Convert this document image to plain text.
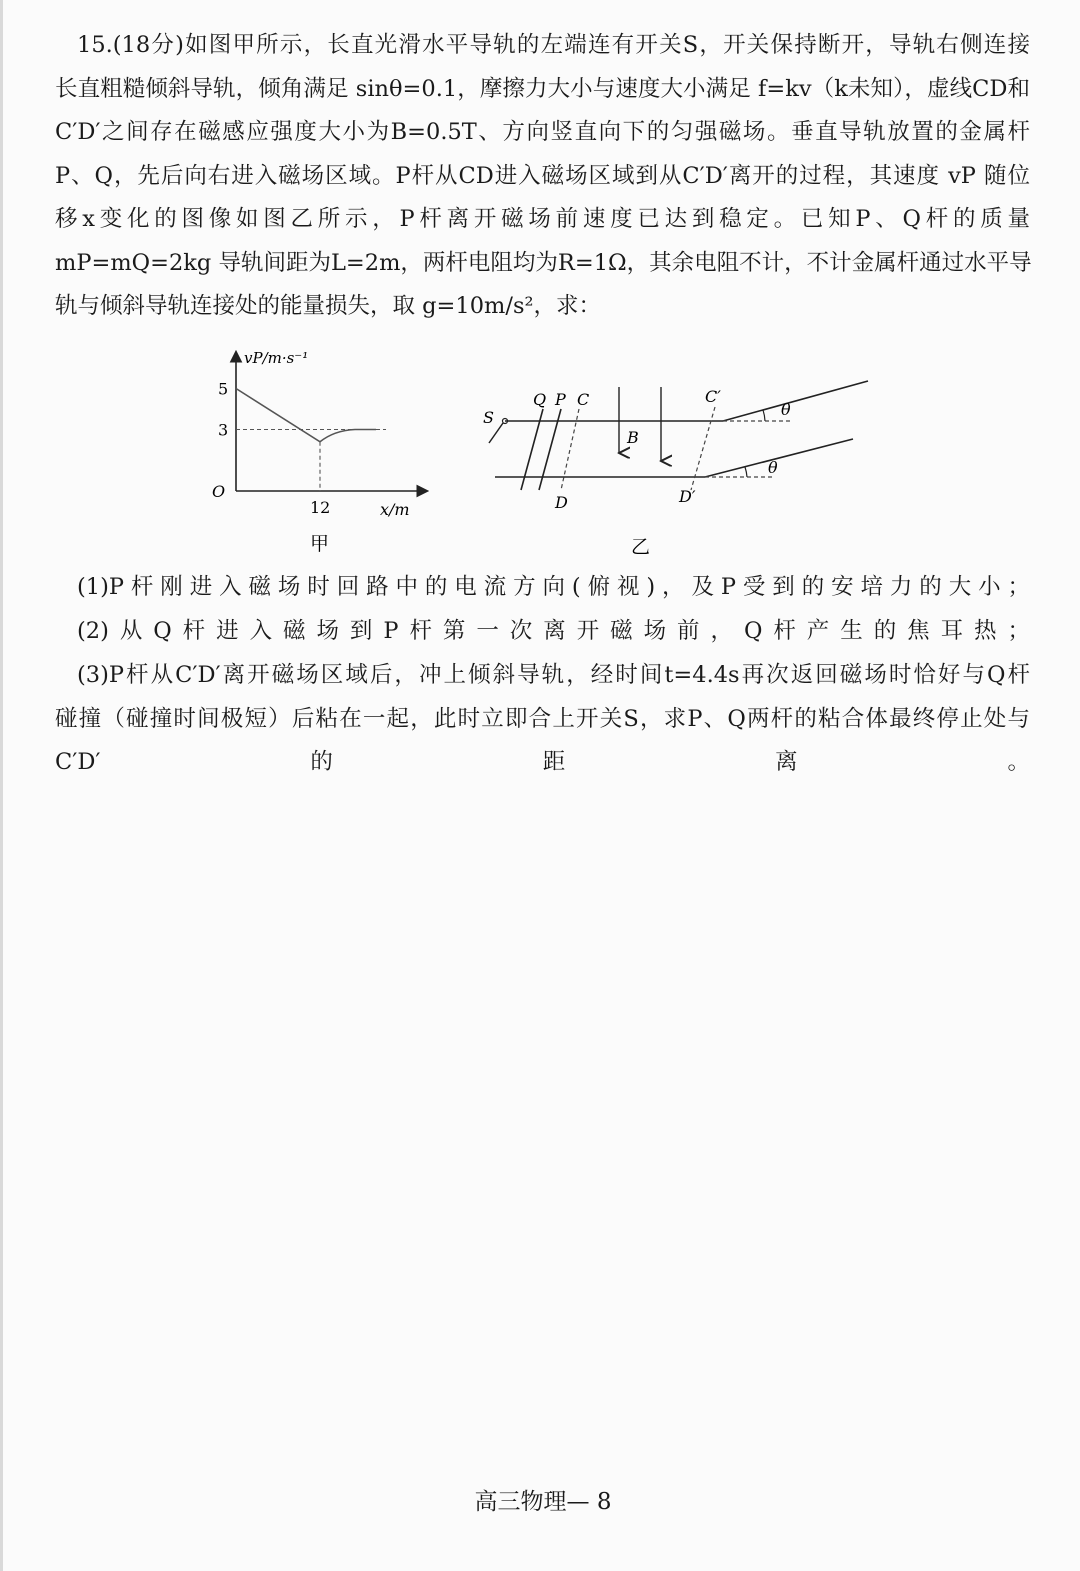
15.(18分)如图甲所示，长直光滑水平导轨的左端连有开关S，开关保持断开，导轨右侧连接
长直粗糙倾斜导轨，倾角满足 sinθ=0.1，摩擦力大小与速度大小满足 f=kv（k未知），虚线CD和
C′D′之间存在磁感应强度大小为B=0.5T、方向竖直向下的匀强磁场。垂直导轨放置的金属杆
P、Q，先后向右进入磁场区域。P杆从CD进入磁场区域到从C′D′离开的过程，其速度 vP 随位
移x变化的图像如图乙所示，P杆离开磁场前速度已达到稳定。已知P、Q杆的质量
mP=mQ=2kg 导轨间距为L=2m，两杆电阻均为R=1Ω，其余电阻不计，不计金属杆通过水平导
轨与倾斜导轨连接处的能量损失，取 g=10m/s²，求：
vP/m·s⁻¹
x/m
O
3
5
12
甲
θ
θ
S
Q P C
D
C′
D′
B
乙
(1)P杆刚进入磁场时回路中的电流方向(俯视)，及P受到的安培力的大小；
(2)从Q杆进入磁场到P杆第一次离开磁场前，Q杆产生的焦耳热；
(3)P杆从C′D′离开磁场区域后，冲上倾斜导轨，经时间t=4.4s再次返回磁场时恰好与Q杆
碰撞（碰撞时间极短）后粘在一起，此时立即合上开关S，求P、Q两杆的粘合体最终停止处与
C′D′的距离。
高三物理— 8
